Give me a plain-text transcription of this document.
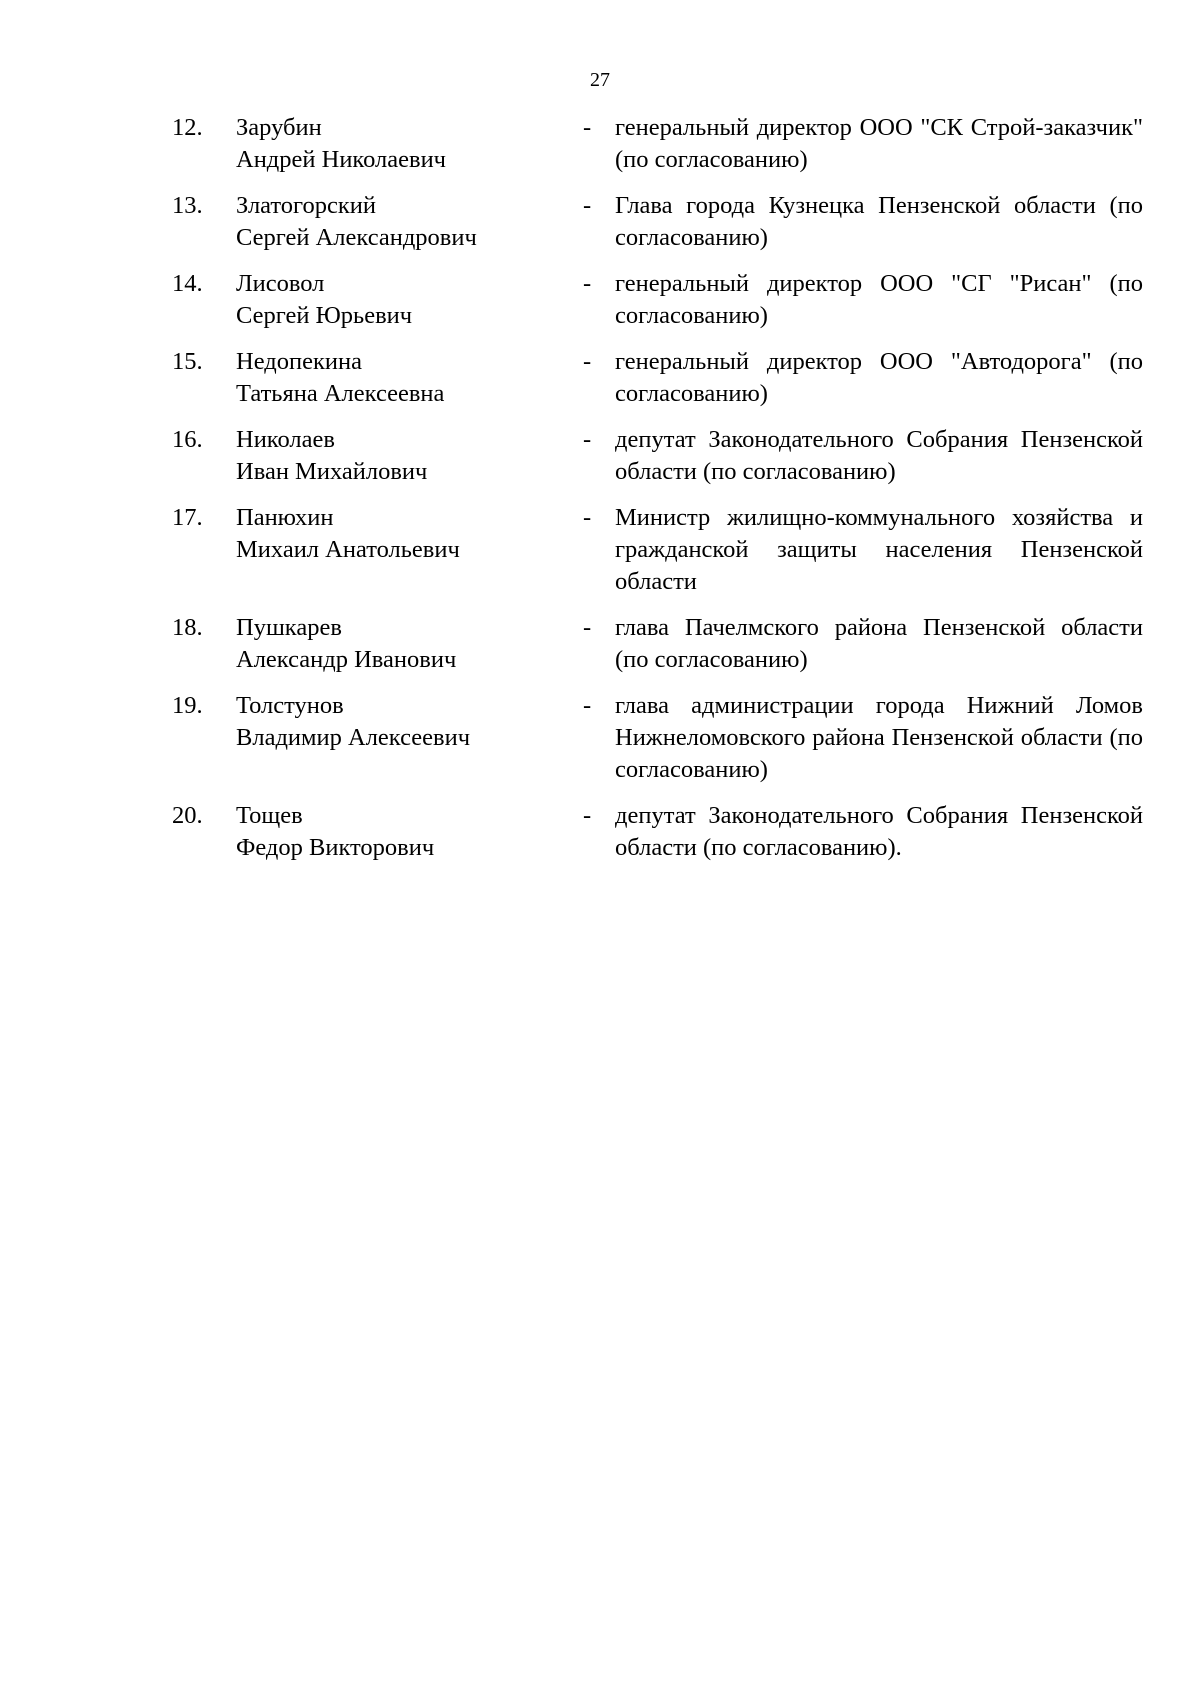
27
12.	Зарубин
Андрей Николаевич
- генеральный директор ООО "СК Строй-заказчик" (по согласованию)
13.	Златогорский
Сергей Александрович
- Глава города Кузнецка Пензенской области (по согласованию)
14.	Лисовол
Сергей Юрьевич
- генеральный директор ООО "СГ "Рисан" (по согласованию)
15.	Недопекина
Татьяна Алексеевна
- генеральный директор ООО "Автодорога" (по согласованию)
16.	Николаев
Иван Михайлович
- депутат Законодательного Собрания Пензенской области (по согласованию)
17.	Панюхин
Михаил Анатольевич
- Министр жилищно-коммунального хозяйства и гражданской защиты населения Пензенской области
18.	Пушкарев
Александр Иванович
- глава Пачелмского района Пензенской области (по согласованию)
19.	Толстунов
Владимир Алексеевич
- глава администрации города Нижний Ломов Нижнеломовского района Пензенской области (по согласованию)
20.	Тощев
Федор Викторович
- депутат Законодательного Собрания Пензенской области (по согласованию).
